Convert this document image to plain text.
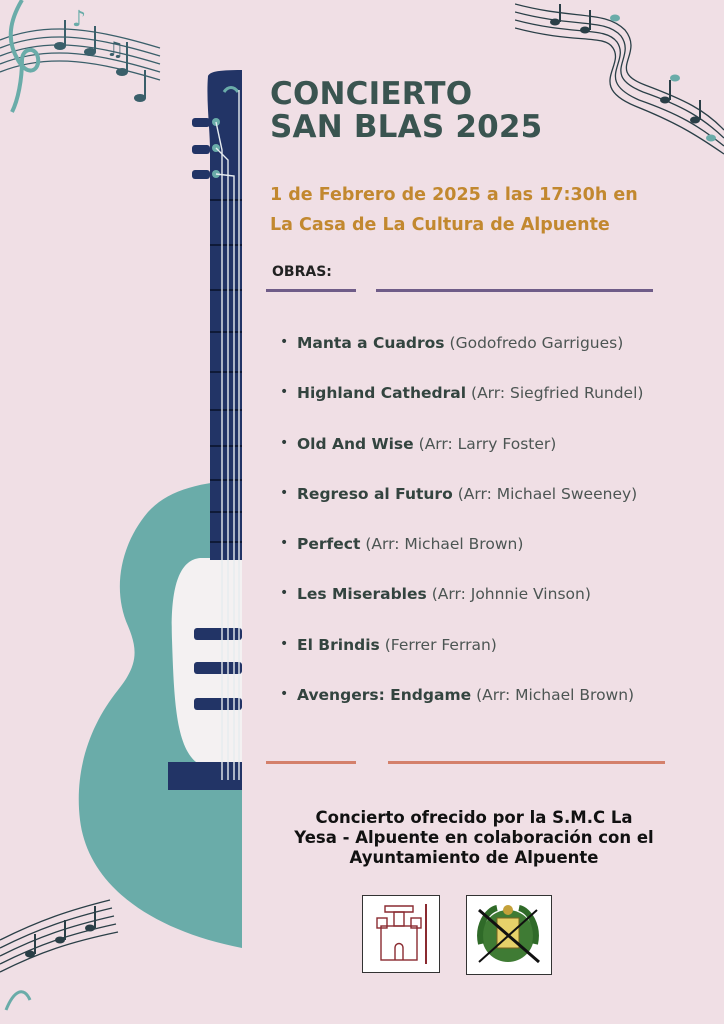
♪
♫
CONCIERTO
SAN BLAS 2025
1 de Febrero de 2025 a las 17:30h en
La Casa de La Cultura de Alpuente
OBRAS:
• Manta a Cuadros (Godofredo Garrigues)
• Highland Cathedral (Arr: Siegfried Rundel)
• Old And Wise (Arr: Larry Foster)
• Regreso al Futuro (Arr: Michael Sweeney)
• Perfect (Arr: Michael Brown)
• Les Miserables (Arr: Johnnie Vinson)
• El Brindis (Ferrer Ferran)
• Avengers: Endgame (Arr: Michael Brown)
Concierto ofrecido por la S.M.C La
Yesa - Alpuente en colaboración con el
Ayuntamiento de Alpuente
